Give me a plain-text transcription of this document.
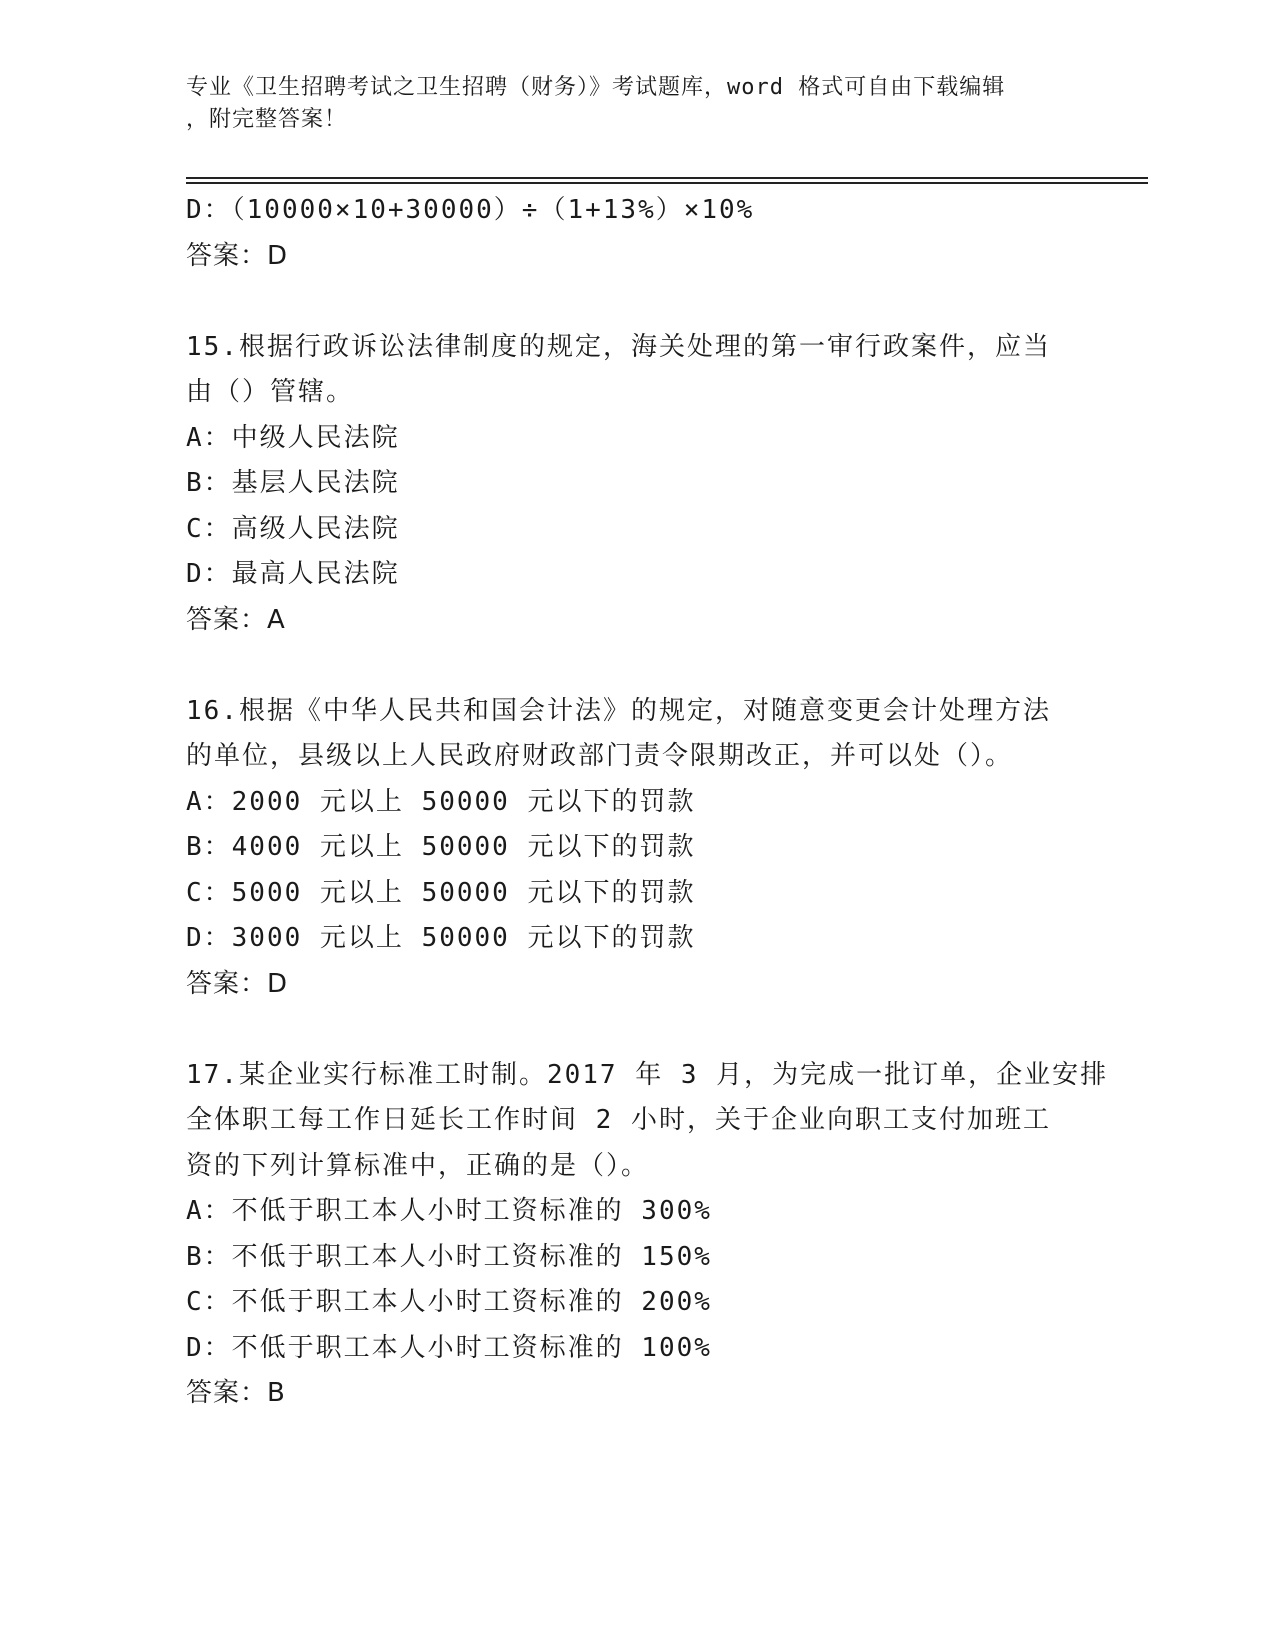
专业《卫生招聘考试之卫生招聘（财务）》考试题库，word 格式可自由下载编辑
，附完整答案！
D：（10000×10+30000）÷（1+13%）×10%
答案：D
15.根据行政诉讼法律制度的规定，海关处理的第一审行政案件，应当
由（）管辖。
A：中级人民法院
B：基层人民法院
C：高级人民法院
D：最高人民法院
答案：A
16.根据《中华人民共和国会计法》的规定，对随意变更会计处理方法
的单位，县级以上人民政府财政部门责令限期改正，并可以处（）。
A：2000 元以上 50000 元以下的罚款
B：4000 元以上 50000 元以下的罚款
C：5000 元以上 50000 元以下的罚款
D：3000 元以上 50000 元以下的罚款
答案：D
17.某企业实行标准工时制。2017 年 3 月，为完成一批订单，企业安排
全体职工每工作日延长工作时间 2 小时，关于企业向职工支付加班工
资的下列计算标准中，正确的是（）。
A：不低于职工本人小时工资标准的 300%
B：不低于职工本人小时工资标准的 150%
C：不低于职工本人小时工资标准的 200%
D：不低于职工本人小时工资标准的 100%
答案：B
